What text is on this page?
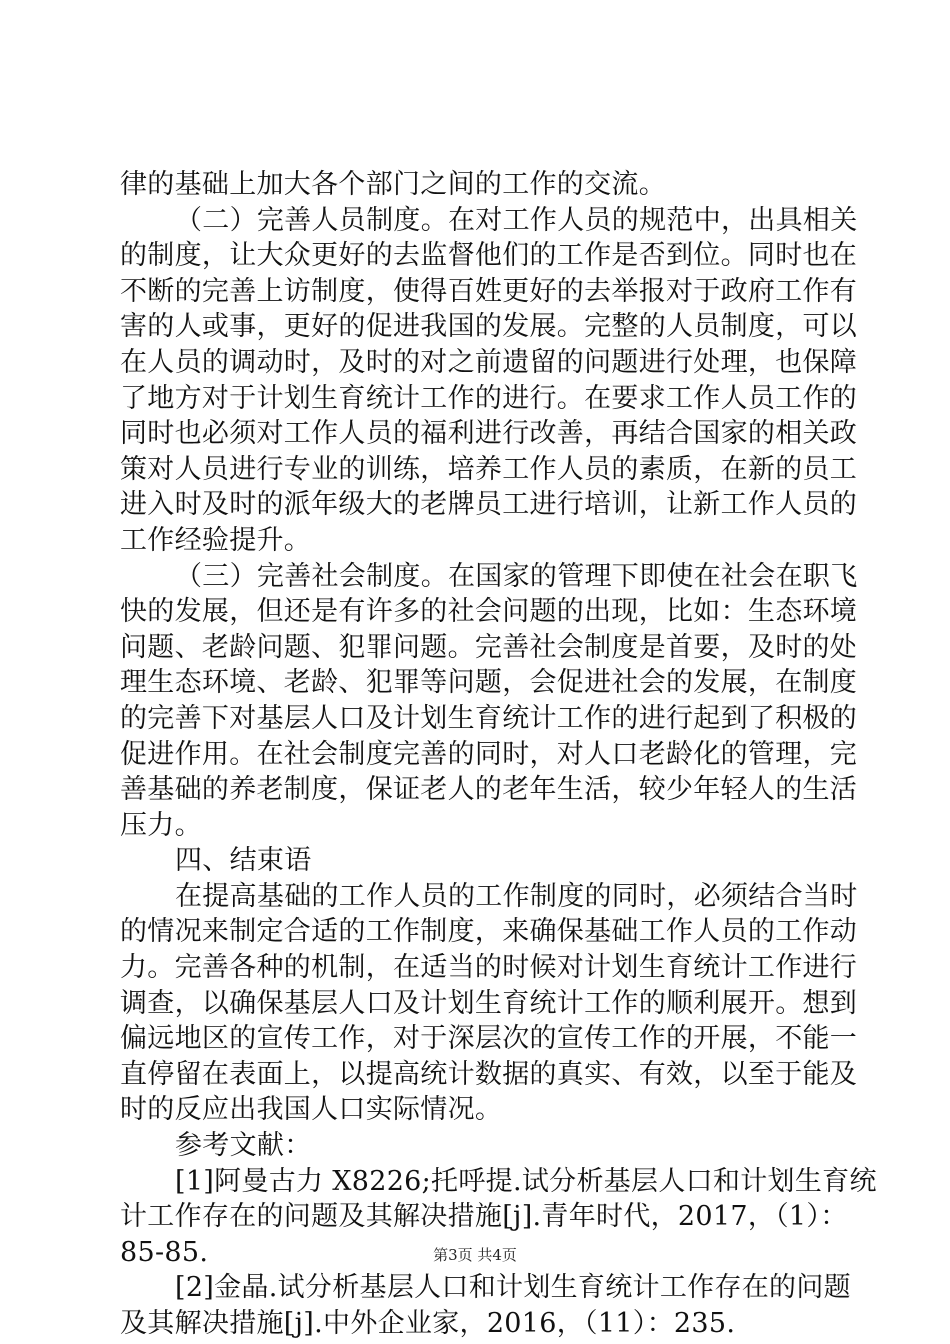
律的基础上加大各个部门之间的工作的交流。
（二）完善人员制度。在对工作人员的规范中，出具相关
的制度，让大众更好的去监督他们的工作是否到位。同时也在
不断的完善上访制度，使得百姓更好的去举报对于政府工作有
害的人或事，更好的促进我国的发展。完整的人员制度，可以
在人员的调动时，及时的对之前遗留的问题进行处理，也保障
了地方对于计划生育统计工作的进行。在要求工作人员工作的
同时也必须对工作人员的福利进行改善，再结合国家的相关政
策对人员进行专业的训练，培养工作人员的素质，在新的员工
进入时及时的派年级大的老牌员工进行培训，让新工作人员的
工作经验提升。
（三）完善社会制度。在国家的管理下即使在社会在职飞
快的发展，但还是有许多的社会问题的出现，比如：生态环境
问题、老龄问题、犯罪问题。完善社会制度是首要，及时的处
理生态环境、老龄、犯罪等问题，会促进社会的发展，在制度
的完善下对基层人口及计划生育统计工作的进行起到了积极的
促进作用。在社会制度完善的同时，对人口老龄化的管理，完
善基础的养老制度，保证老人的老年生活，较少年轻人的生活
压力。
四、结束语
在提高基础的工作人员的工作制度的同时，必须结合当时
的情况来制定合适的工作制度，来确保基础工作人员的工作动
力。完善各种的机制，在适当的时候对计划生育统计工作进行
调查，以确保基层人口及计划生育统计工作的顺利展开。想到
偏远地区的宣传工作，对于深层次的宣传工作的开展，不能一
直停留在表面上，以提高统计数据的真实、有效，以至于能及
时的反应出我国人口实际情况。
参考文献：
[1]阿曼古力 X8226;托呼提.试分析基层人口和计划生育统
计工作存在的问题及其解决措施[j].青年时代，2017，（1）：
85-85.
[2]金晶.试分析基层人口和计划生育统计工作存在的问题
及其解决措施[j].中外企业家，2016，（11）：235.
第3页 共4页
